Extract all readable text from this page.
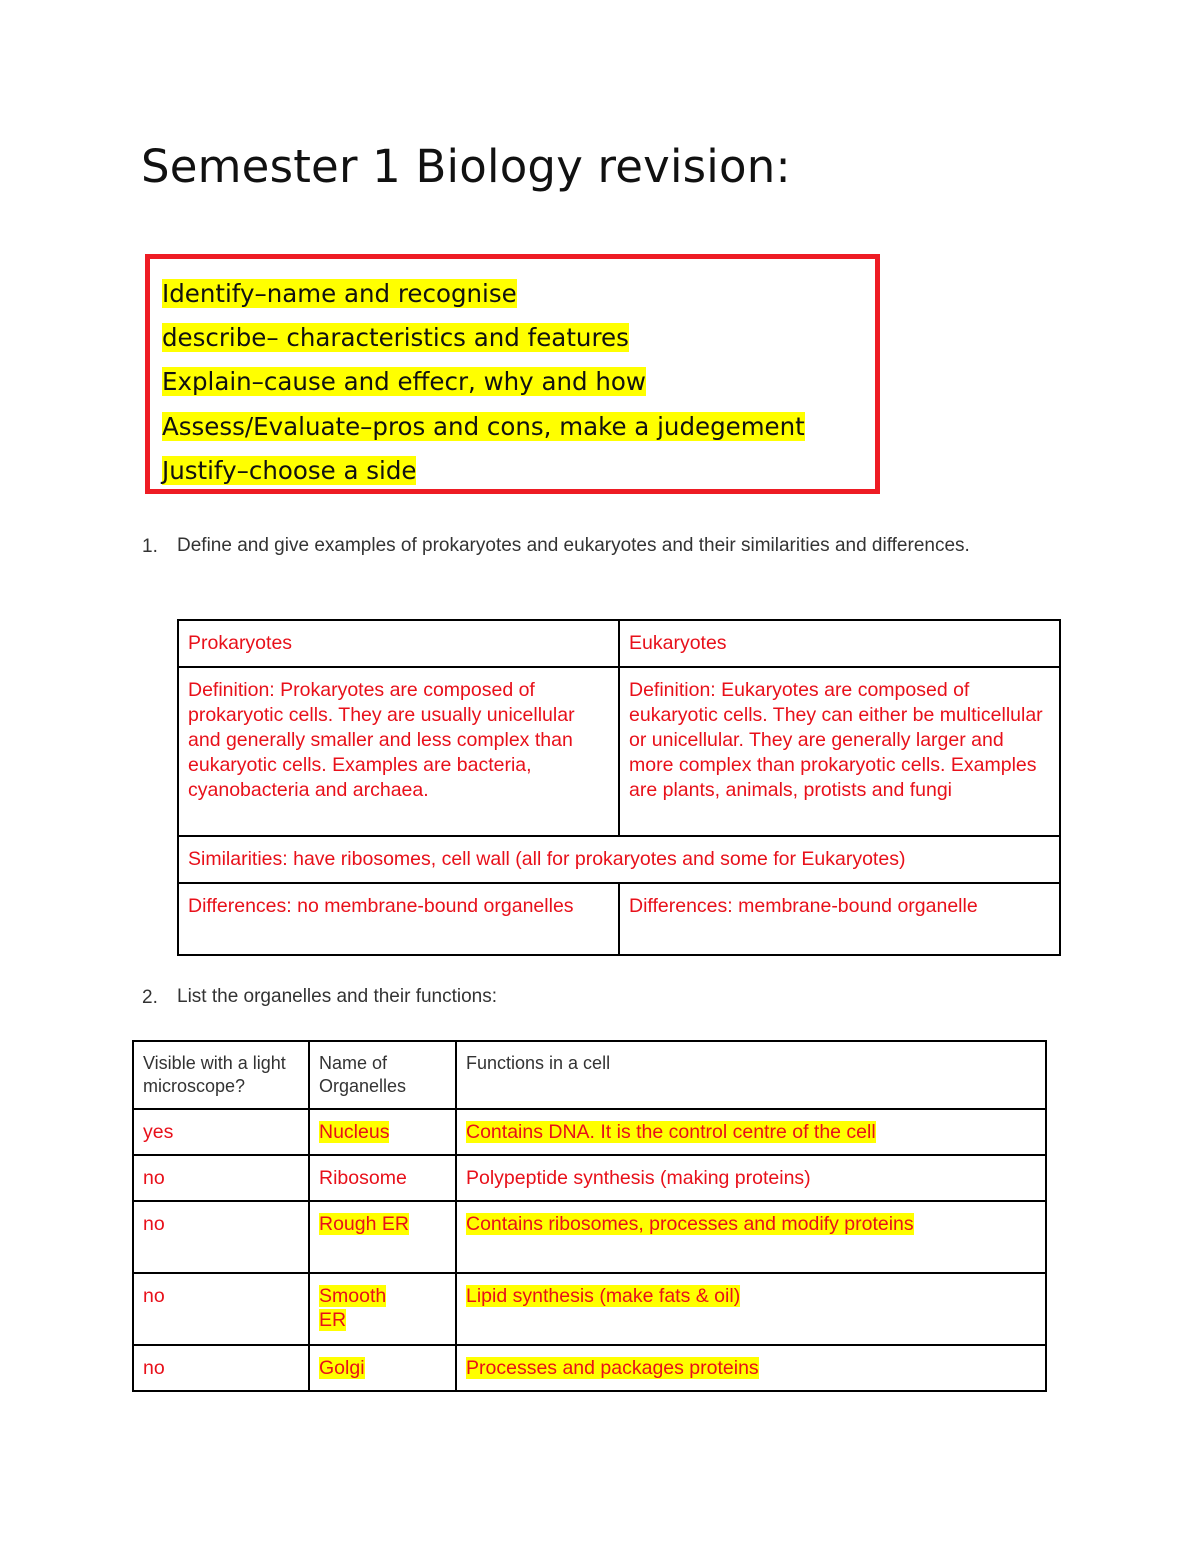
Semester 1 Biology revision:
Identify–name and recognise
describe– characteristics and features
Explain–cause and effecr, why and how
Assess/Evaluate–pros and cons, make a judegement
Justify–choose a side
1. Define and give examples of prokaryotes and eukaryotes and their similarities and differences.
Prokaryotes	Eukaryotes
Definition: Prokaryotes are composed of prokaryotic cells. They are usually unicellular and generally smaller and less complex than eukaryotic cells. Examples are bacteria, cyanobacteria and archaea.	Definition: Eukaryotes are composed of eukaryotic cells. They can either be multicellular or unicellular. They are generally larger and more complex than prokaryotic cells. Examples are plants, animals, protists and fungi
Similarities: have ribosomes, cell wall (all for prokaryotes and some for Eukaryotes)	
Differences: no membrane-bound organelles	Differences: membrane-bound organelle
2. List the organelles and their functions:
Visible with a light microscope?	Name of Organelles	Functions in a cell
yes	Nucleus	Contains DNA. It is the control centre of the cell
no	Ribosome	Polypeptide synthesis (making proteins)
no	Rough ER	Contains ribosomes, processes and modify proteins
no	Smooth ER	Lipid synthesis (make fats & oil)
no	Golgi	Processes and packages proteins
